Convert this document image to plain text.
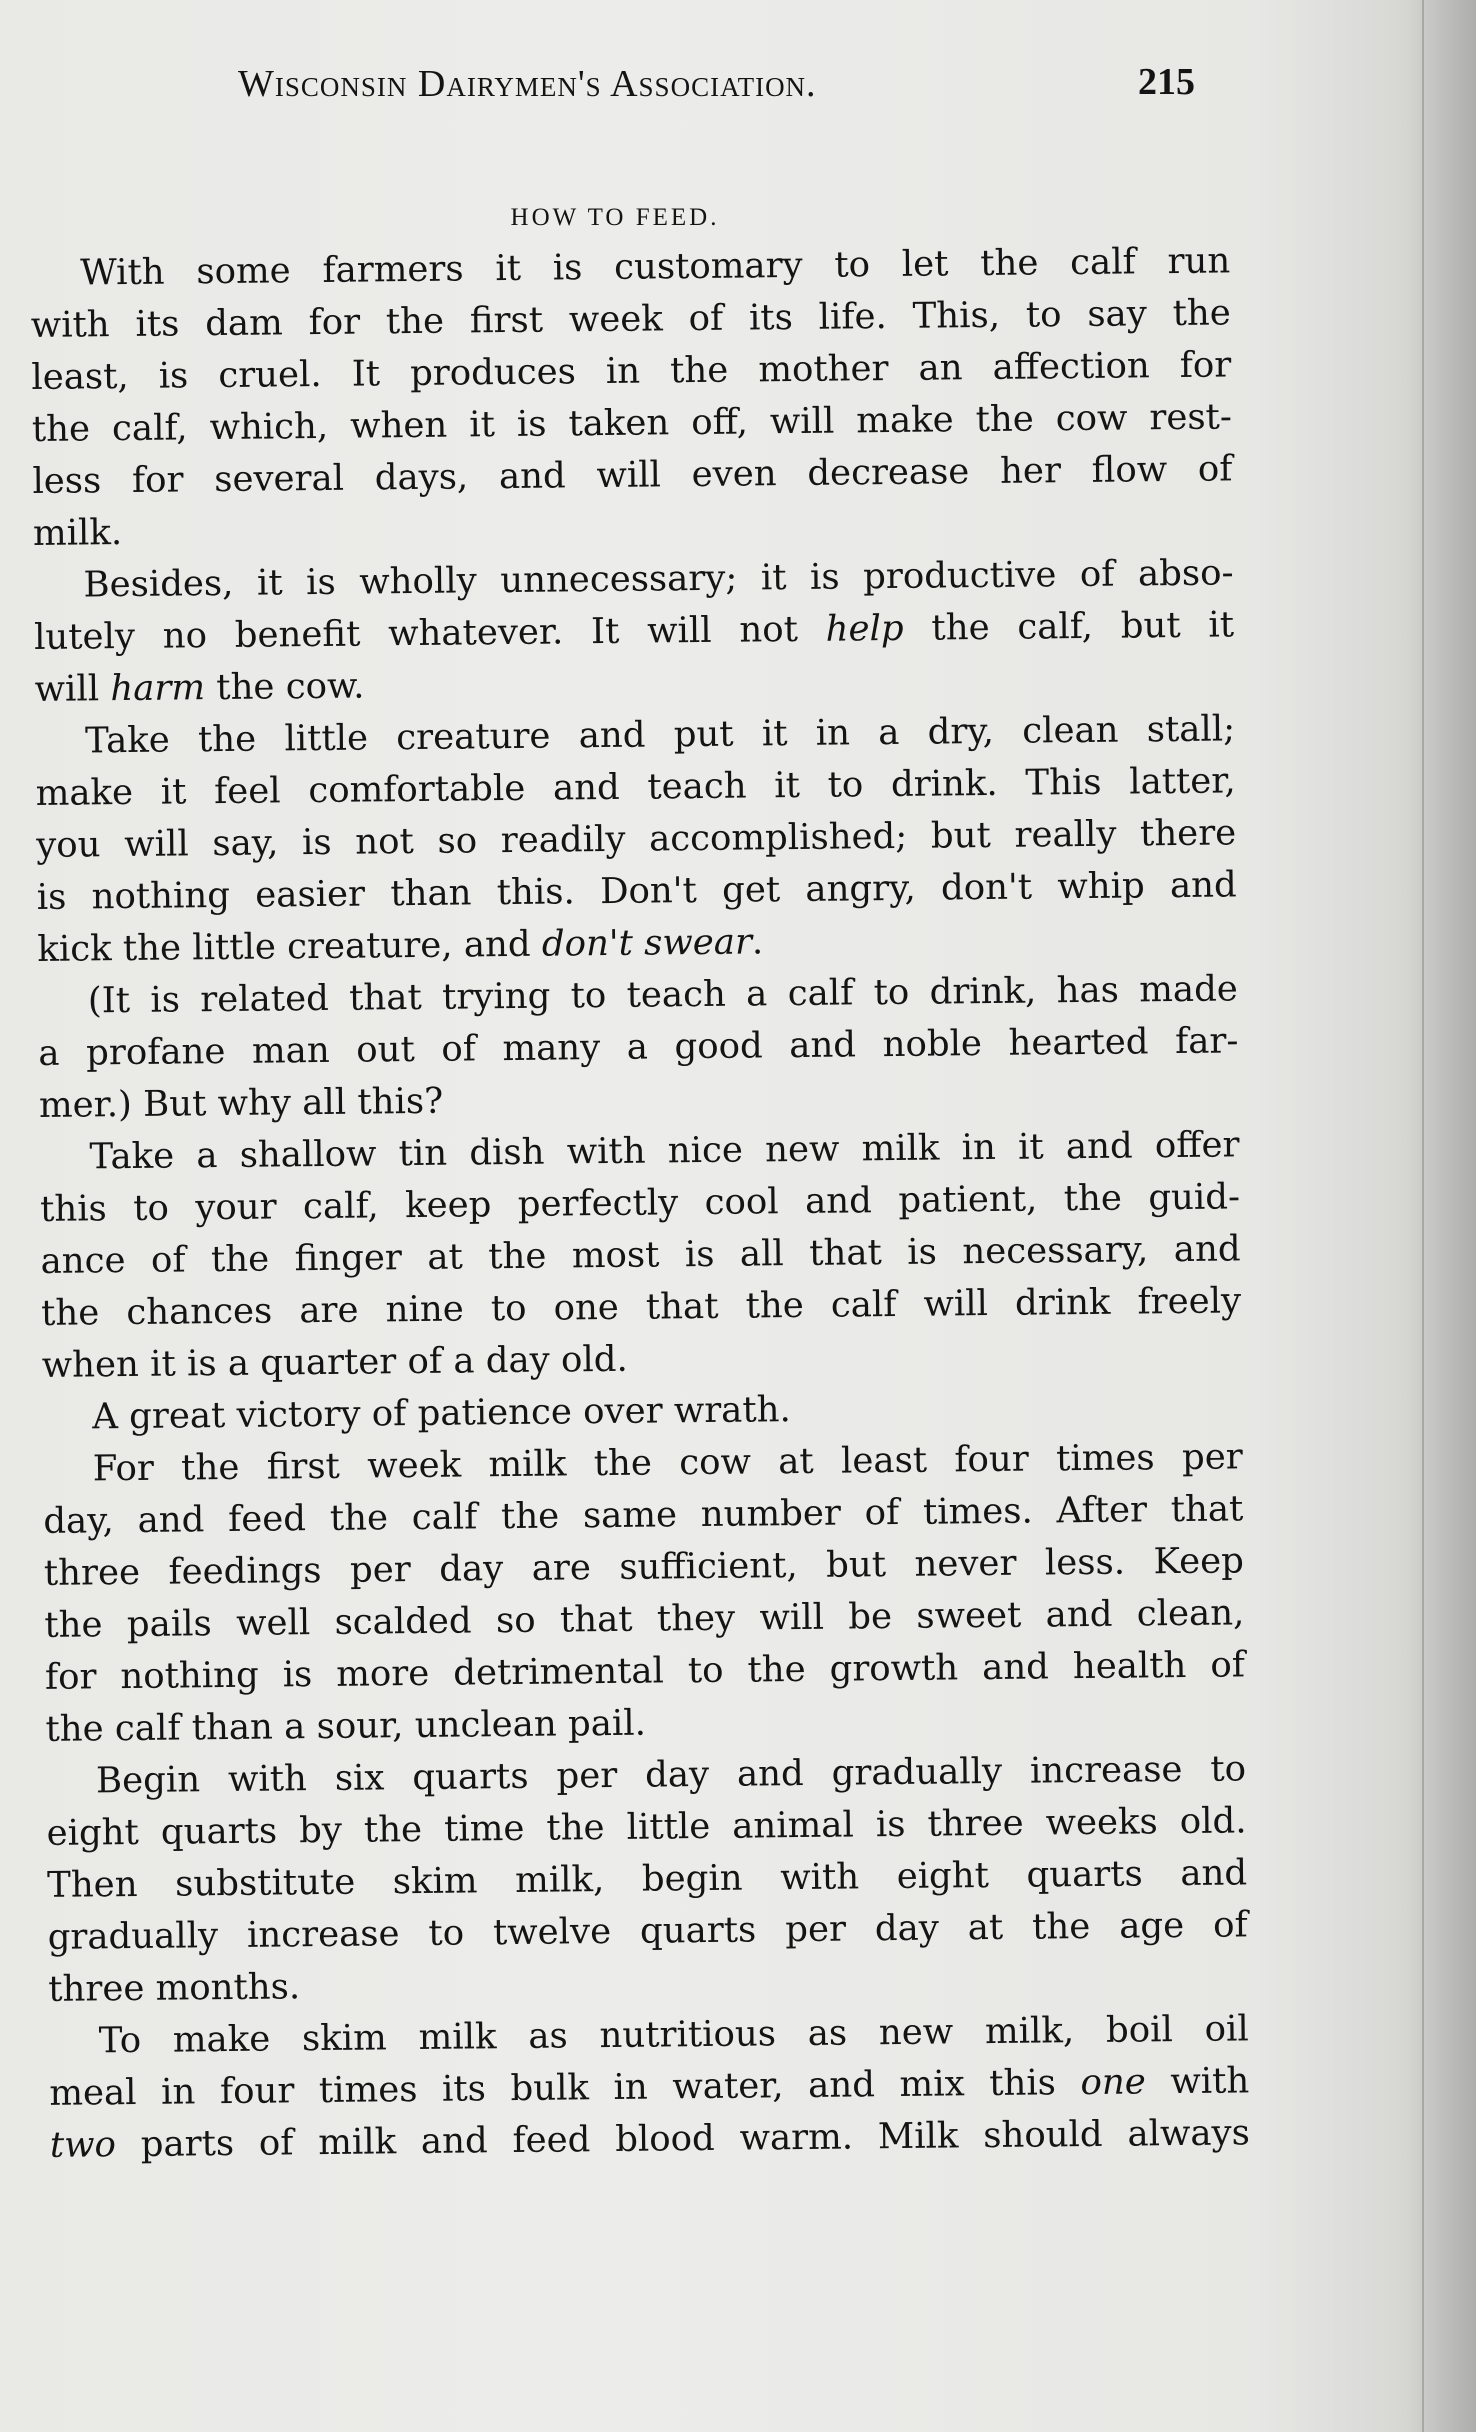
Wisconsin Dairymen's Association.	215
HOW TO FEED.
With some farmers it is customary to let the calf run
with its dam for the first week of its life. This, to say the
least, is cruel. It produces in the mother an affection for
the calf, which, when it is taken off, will make the cow rest-
less for several days, and will even decrease her flow of
milk.
Besides, it is wholly unnecessary; it is productive of abso-
lutely no benefit whatever. It will not help the calf, but it
will harm the cow.
Take the little creature and put it in a dry, clean stall;
make it feel comfortable and teach it to drink. This latter,
you will say, is not so readily accomplished; but really there
is nothing easier than this. Don't get angry, don't whip and
kick the little creature, and don't swear.
(It is related that trying to teach a calf to drink, has made
a profane man out of many a good and noble hearted far-
mer.) But why all this?
Take a shallow tin dish with nice new milk in it and offer
this to your calf, keep perfectly cool and patient, the guid-
ance of the finger at the most is all that is necessary, and
the chances are nine to one that the calf will drink freely
when it is a quarter of a day old.
A great victory of patience over wrath.
For the first week milk the cow at least four times per
day, and feed the calf the same number of times. After that
three feedings per day are sufficient, but never less. Keep
the pails well scalded so that they will be sweet and clean,
for nothing is more detrimental to the growth and health of
the calf than a sour, unclean pail.
Begin with six quarts per day and gradually increase to
eight quarts by the time the little animal is three weeks old.
Then substitute skim milk, begin with eight quarts and
gradually increase to twelve quarts per day at the age of
three months.
To make skim milk as nutritious as new milk, boil oil
meal in four times its bulk in water, and mix this one with
two parts of milk and feed blood warm. Milk should always
